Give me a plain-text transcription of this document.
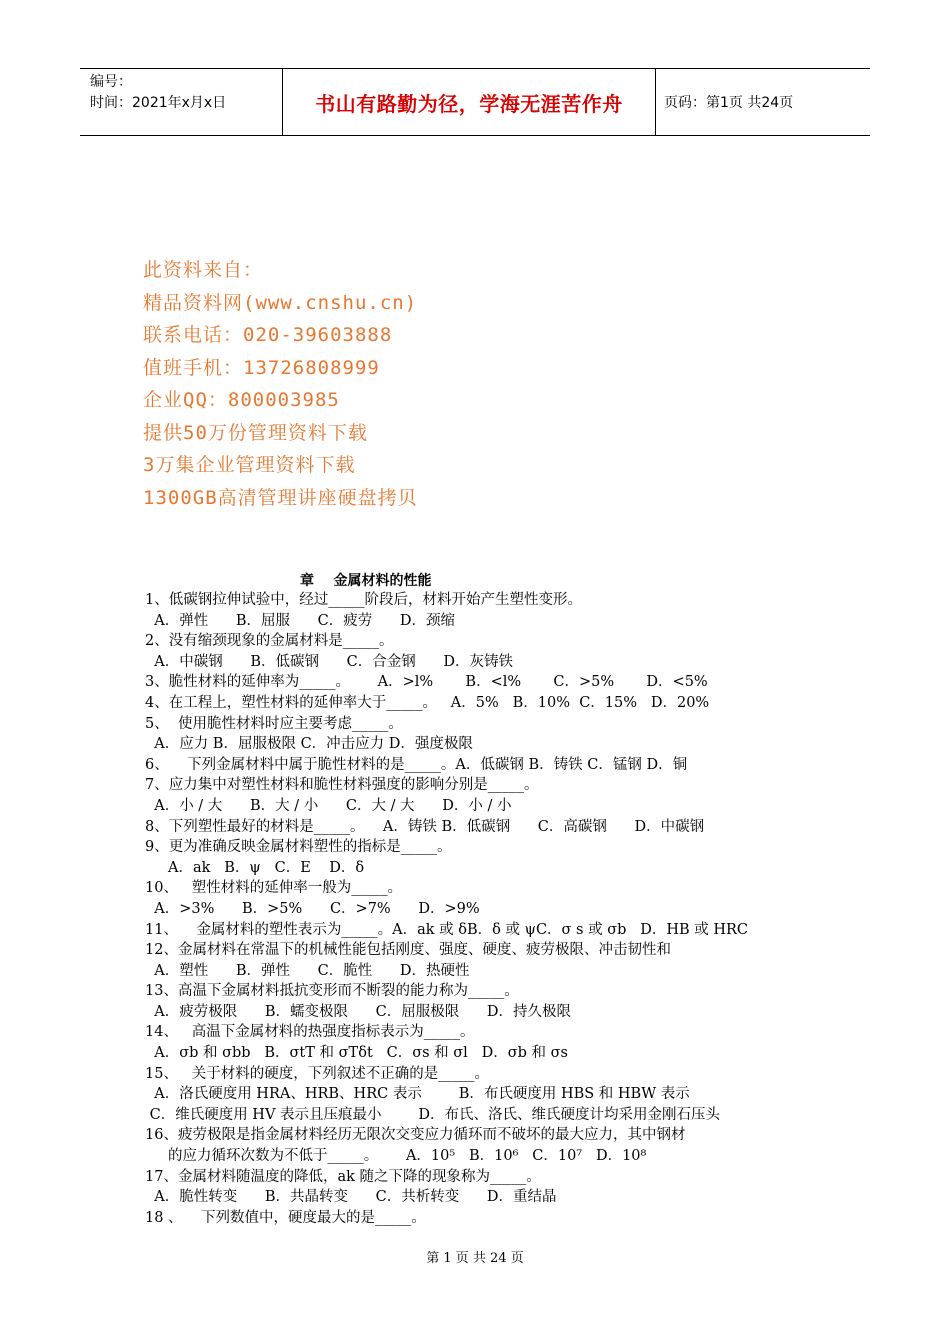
编号：
时间：2021年x月x日	书山有路勤为径，学海无涯苦作舟	页码：第1页 共24页
此资料来自：
精品资料网(www.cnshu.cn)
联系电话：020-39603888
值班手机：13726808999
企业QQ：800003985
提供50万份管理资料下载
3万集企业管理资料下载
1300GB高清管理讲座硬盘拷贝
章    金属材料的性能
1、低碳钢拉伸试验中，经过_____阶段后，材料开始产生塑性变形。
A．弹性      B．屈服      C．疲劳      D．颈缩
2、没有缩颈现象的金属材料是_____。
A．中碳钢      B．低碳钢      C．合金钢      D．灰铸铁
3、脆性材料的延伸率为_____。      A．>l%       B．<l%       C．>5%       D．<5%
4、在工程上，塑性材料的延伸率大于_____。   A．5%   B．10%  C．15%   D．20%
5、  使用脆性材料时应主要考虑_____。
A．应力 B．屈服极限 C．冲击应力 D．强度极限
6、    下列金属材料中属于脆性材料的是_____。A．低碳钢 B．铸铁 C．锰钢 D．铜
7、应力集中对塑性材料和脆性材料强度的影响分别是_____。
A．小 / 大      B．大 / 小      C．大 / 大      D．小 / 小
8、下列塑性最好的材料是_____。    A．铸铁 B．低碳钢      C．高碳钢      D．中碳钢
9、更为准确反映金属材料塑性的指标是_____。
A．ak   B．ψ   C．E    D．δ
10、   塑性材料的延伸率一般为_____。
A．>3%      B．>5%      C．>7%      D．>9%
11、    金属材料的塑性表示为_____。A．ak 或 δB．δ 或 ψC．σ s 或 σb   D．HB 或 HRC
12、金属材料在常温下的机械性能包括刚度、强度、硬度、疲劳极限、冲击韧性和
A．塑性      B．弹性      C．脆性      D．热硬性
13、高温下金属材料抵抗变形而不断裂的能力称为_____。
A．疲劳极限      B．蠕变极限      C．屈服极限      D．持久极限
14、   高温下金属材料的热强度指标表示为_____。
A．σb 和 σbb   B．σtT 和 σTδt   C．σs 和 σl   D．σb 和 σs
15、   关于材料的硬度，下列叙述不正确的是_____。
A．洛氏硬度用 HRA、HRB、HRC 表示        B．布氏硬度用 HBS 和 HBW 表示
C．维氏硬度用 HV 表示且压痕最小        D．布氏、洛氏、维氏硬度计均采用金刚石压头
16、疲劳极限是指金属材料经历无限次交变应力循环而不破坏的最大应力，其中钢材
的应力循环次数为不低于_____。      A．10⁵   B．10⁶   C．10⁷   D．10⁸
17、金属材料随温度的降低，ak 随之下降的现象称为_____。
A．脆性转变      B．共晶转变      C．共析转变      D．重结晶
18 、    下列数值中，硬度最大的是_____。
第 1 页 共 24 页
